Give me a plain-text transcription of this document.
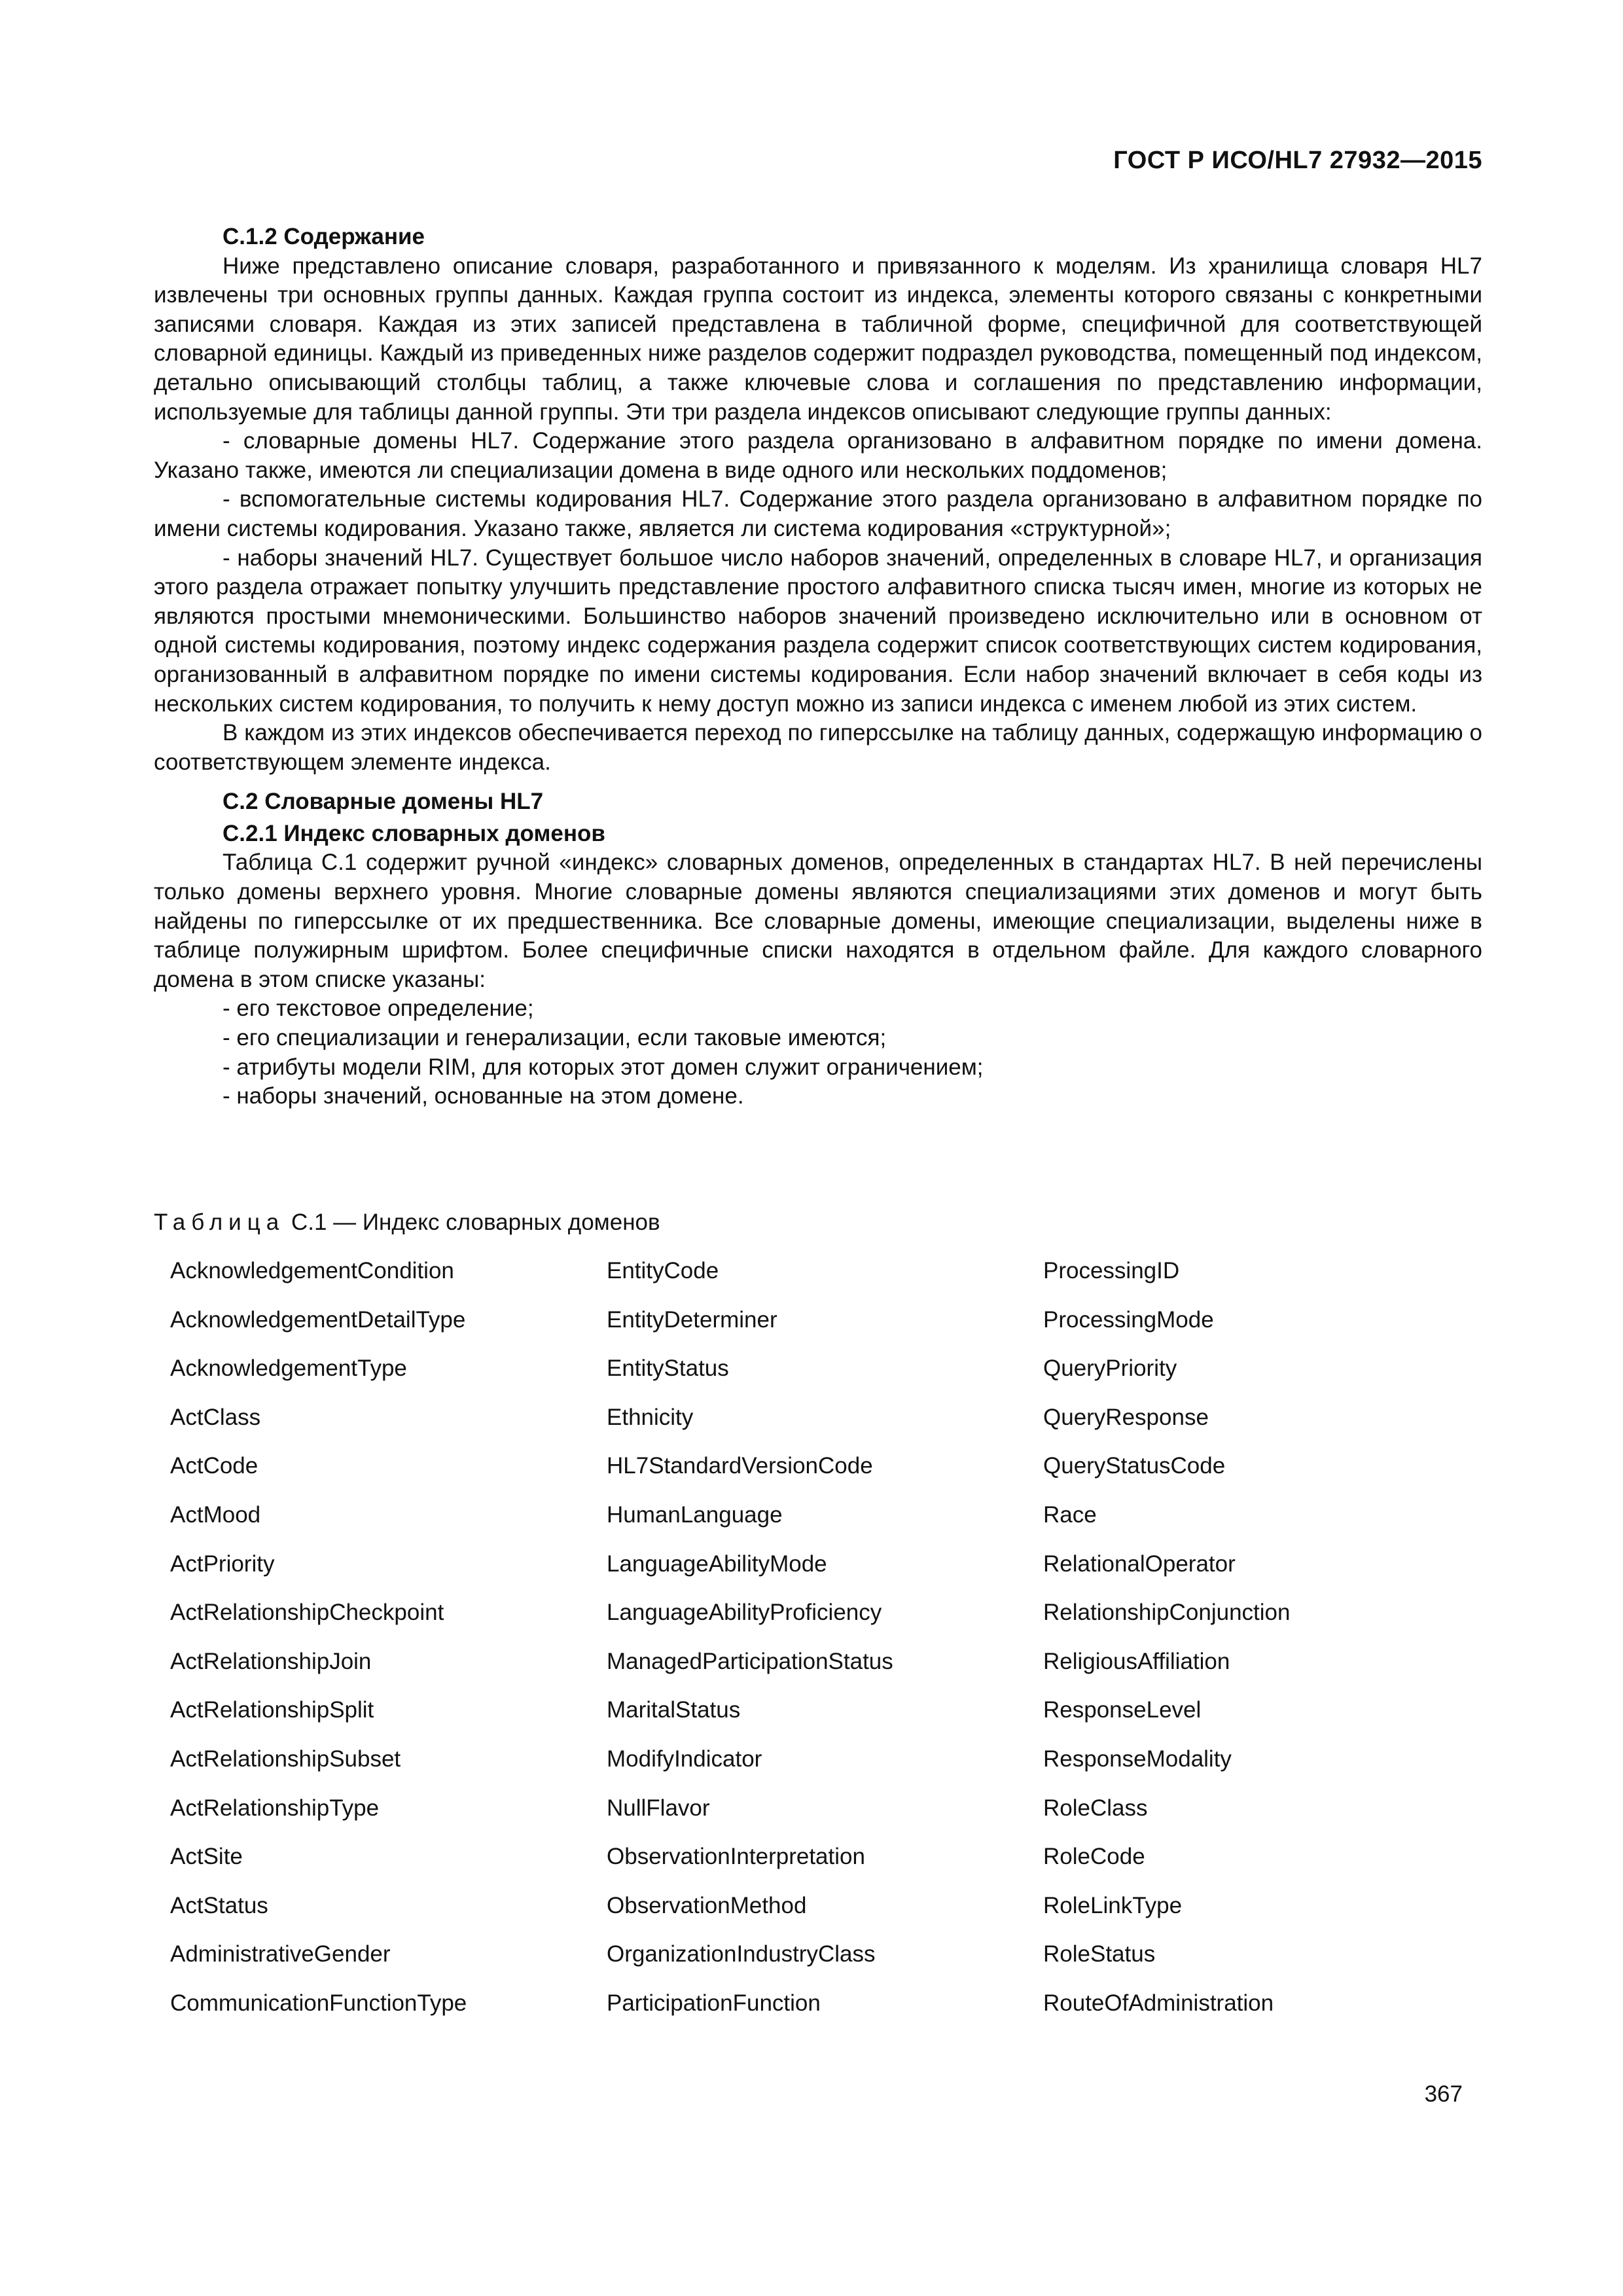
ГОСТ Р ИСО/HL7 27932—2015
С.1.2 Содержание

Ниже представлено описание словаря, разработанного и привязанного к моделям. Из хранилища словаря HL7 извлечены три основных группы данных. Каждая группа состоит из индекса, элементы которого связаны с конкретными записями словаря. Каждая из этих записей представлена в табличной форме, специфичной для соответствующей словарной единицы. Каждый из приведенных ниже разделов содержит подраздел руководства, помещенный под индексом, детально описывающий столбцы таблиц, а также ключевые слова и соглашения по представлению информации, используемые для таблицы данной группы. Эти три раздела индексов описывают следующие группы данных:

- словарные домены HL7. Содержание этого раздела организовано в алфавитном порядке по имени домена. Указано также, имеются ли специализации домена в виде одного или нескольких поддоменов;

- вспомогательные системы кодирования HL7. Содержание этого раздела организовано в алфавитном порядке по имени системы кодирования. Указано также, является ли система кодирования «структурной»;

- наборы значений HL7. Существует большое число наборов значений, определенных в словаре HL7, и организация этого раздела отражает попытку улучшить представление простого алфавитного списка тысяч имен, многие из которых не являются простыми мнемоническими. Большинство наборов значений произведено исключительно или в основном от одной системы кодирования, поэтому индекс содержания раздела содержит список соответствующих систем кодирования, организованный в алфавитном порядке по имени системы кодирования. Если набор значений включает в себя коды из нескольких систем кодирования, то получить к нему доступ можно из записи индекса с именем любой из этих систем.

В каждом из этих индексов обеспечивается переход по гиперссылке на таблицу данных, содержащую информацию о соответствующем элементе индекса.

С.2 Словарные домены HL7
С.2.1 Индекс словарных доменов

Таблица С.1 содержит ручной «индекс» словарных доменов, определенных в стандартах HL7. В ней перечислены только домены верхнего уровня. Многие словарные домены являются специализациями этих доменов и могут быть найдены по гиперссылке от их предшественника. Все словарные домены, имеющие специализации, выделены ниже в таблице полужирным шрифтом. Более специфичные списки находятся в отдельном файле. Для каждого словарного домена в этом списке указаны:

- его текстовое определение;

- его специализации и генерализации, если таковые имеются;

- атрибуты модели RIM, для которых этот домен служит ограничением;

- наборы значений, основанные на этом домене.

Таблица С.1 — Индекс словарных доменов
AcknowledgementCondition	EntityCode	ProcessingID
AcknowledgementDetailType	EntityDeterminer	ProcessingMode
AcknowledgementType	EntityStatus	QueryPriority
ActClass	Ethnicity	QueryResponse
ActCode	HL7StandardVersionCode	QueryStatusCode
ActMood	HumanLanguage	Race
ActPriority	LanguageAbilityMode	RelationalOperator
ActRelationshipCheckpoint	LanguageAbilityProficiency	RelationshipConjunction
ActRelationshipJoin	ManagedParticipationStatus	ReligiousAffiliation
ActRelationshipSplit	MaritalStatus	ResponseLevel
ActRelationshipSubset	ModifyIndicator	ResponseModality
ActRelationshipType	NullFlavor	RoleClass
ActSite	ObservationInterpretation	RoleCode
ActStatus	ObservationMethod	RoleLinkType
AdministrativeGender	OrganizationIndustryClass	RoleStatus
CommunicationFunctionType	ParticipationFunction	RouteOfAdministration
367
